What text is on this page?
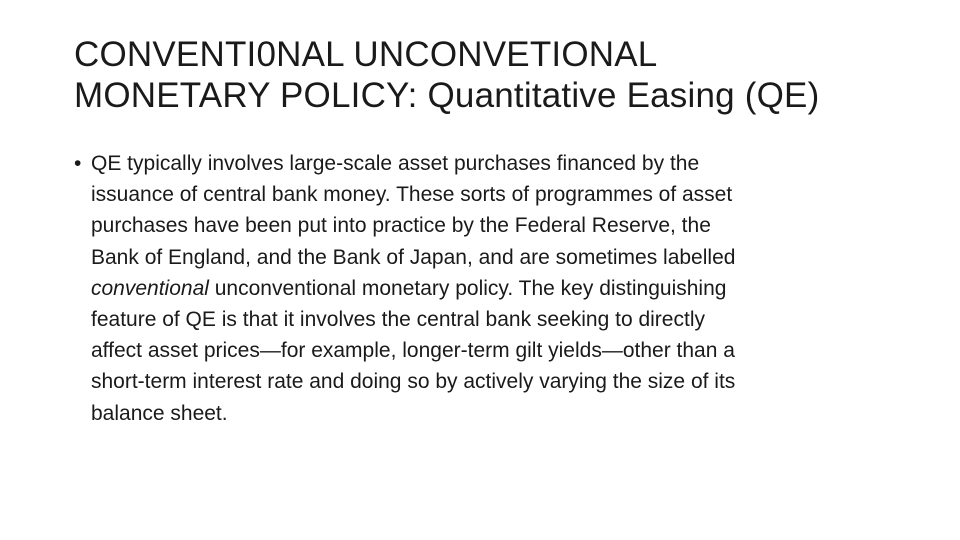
CONVENTI0NAL UNCONVETIONAL
MONETARY POLICY: Quantitative Easing (QE)
• QE typically involves large-scale asset purchases financed by the
issuance of central bank money. These sorts of programmes of asset
purchases have been put into practice by the Federal Reserve, the
Bank of England, and the Bank of Japan, and are sometimes labelled
conventional unconventional monetary policy. The key distinguishing
feature of QE is that it involves the central bank seeking to directly
affect asset prices—for example, longer-term gilt yields—other than a
short-term interest rate and doing so by actively varying the size of its
balance sheet.
